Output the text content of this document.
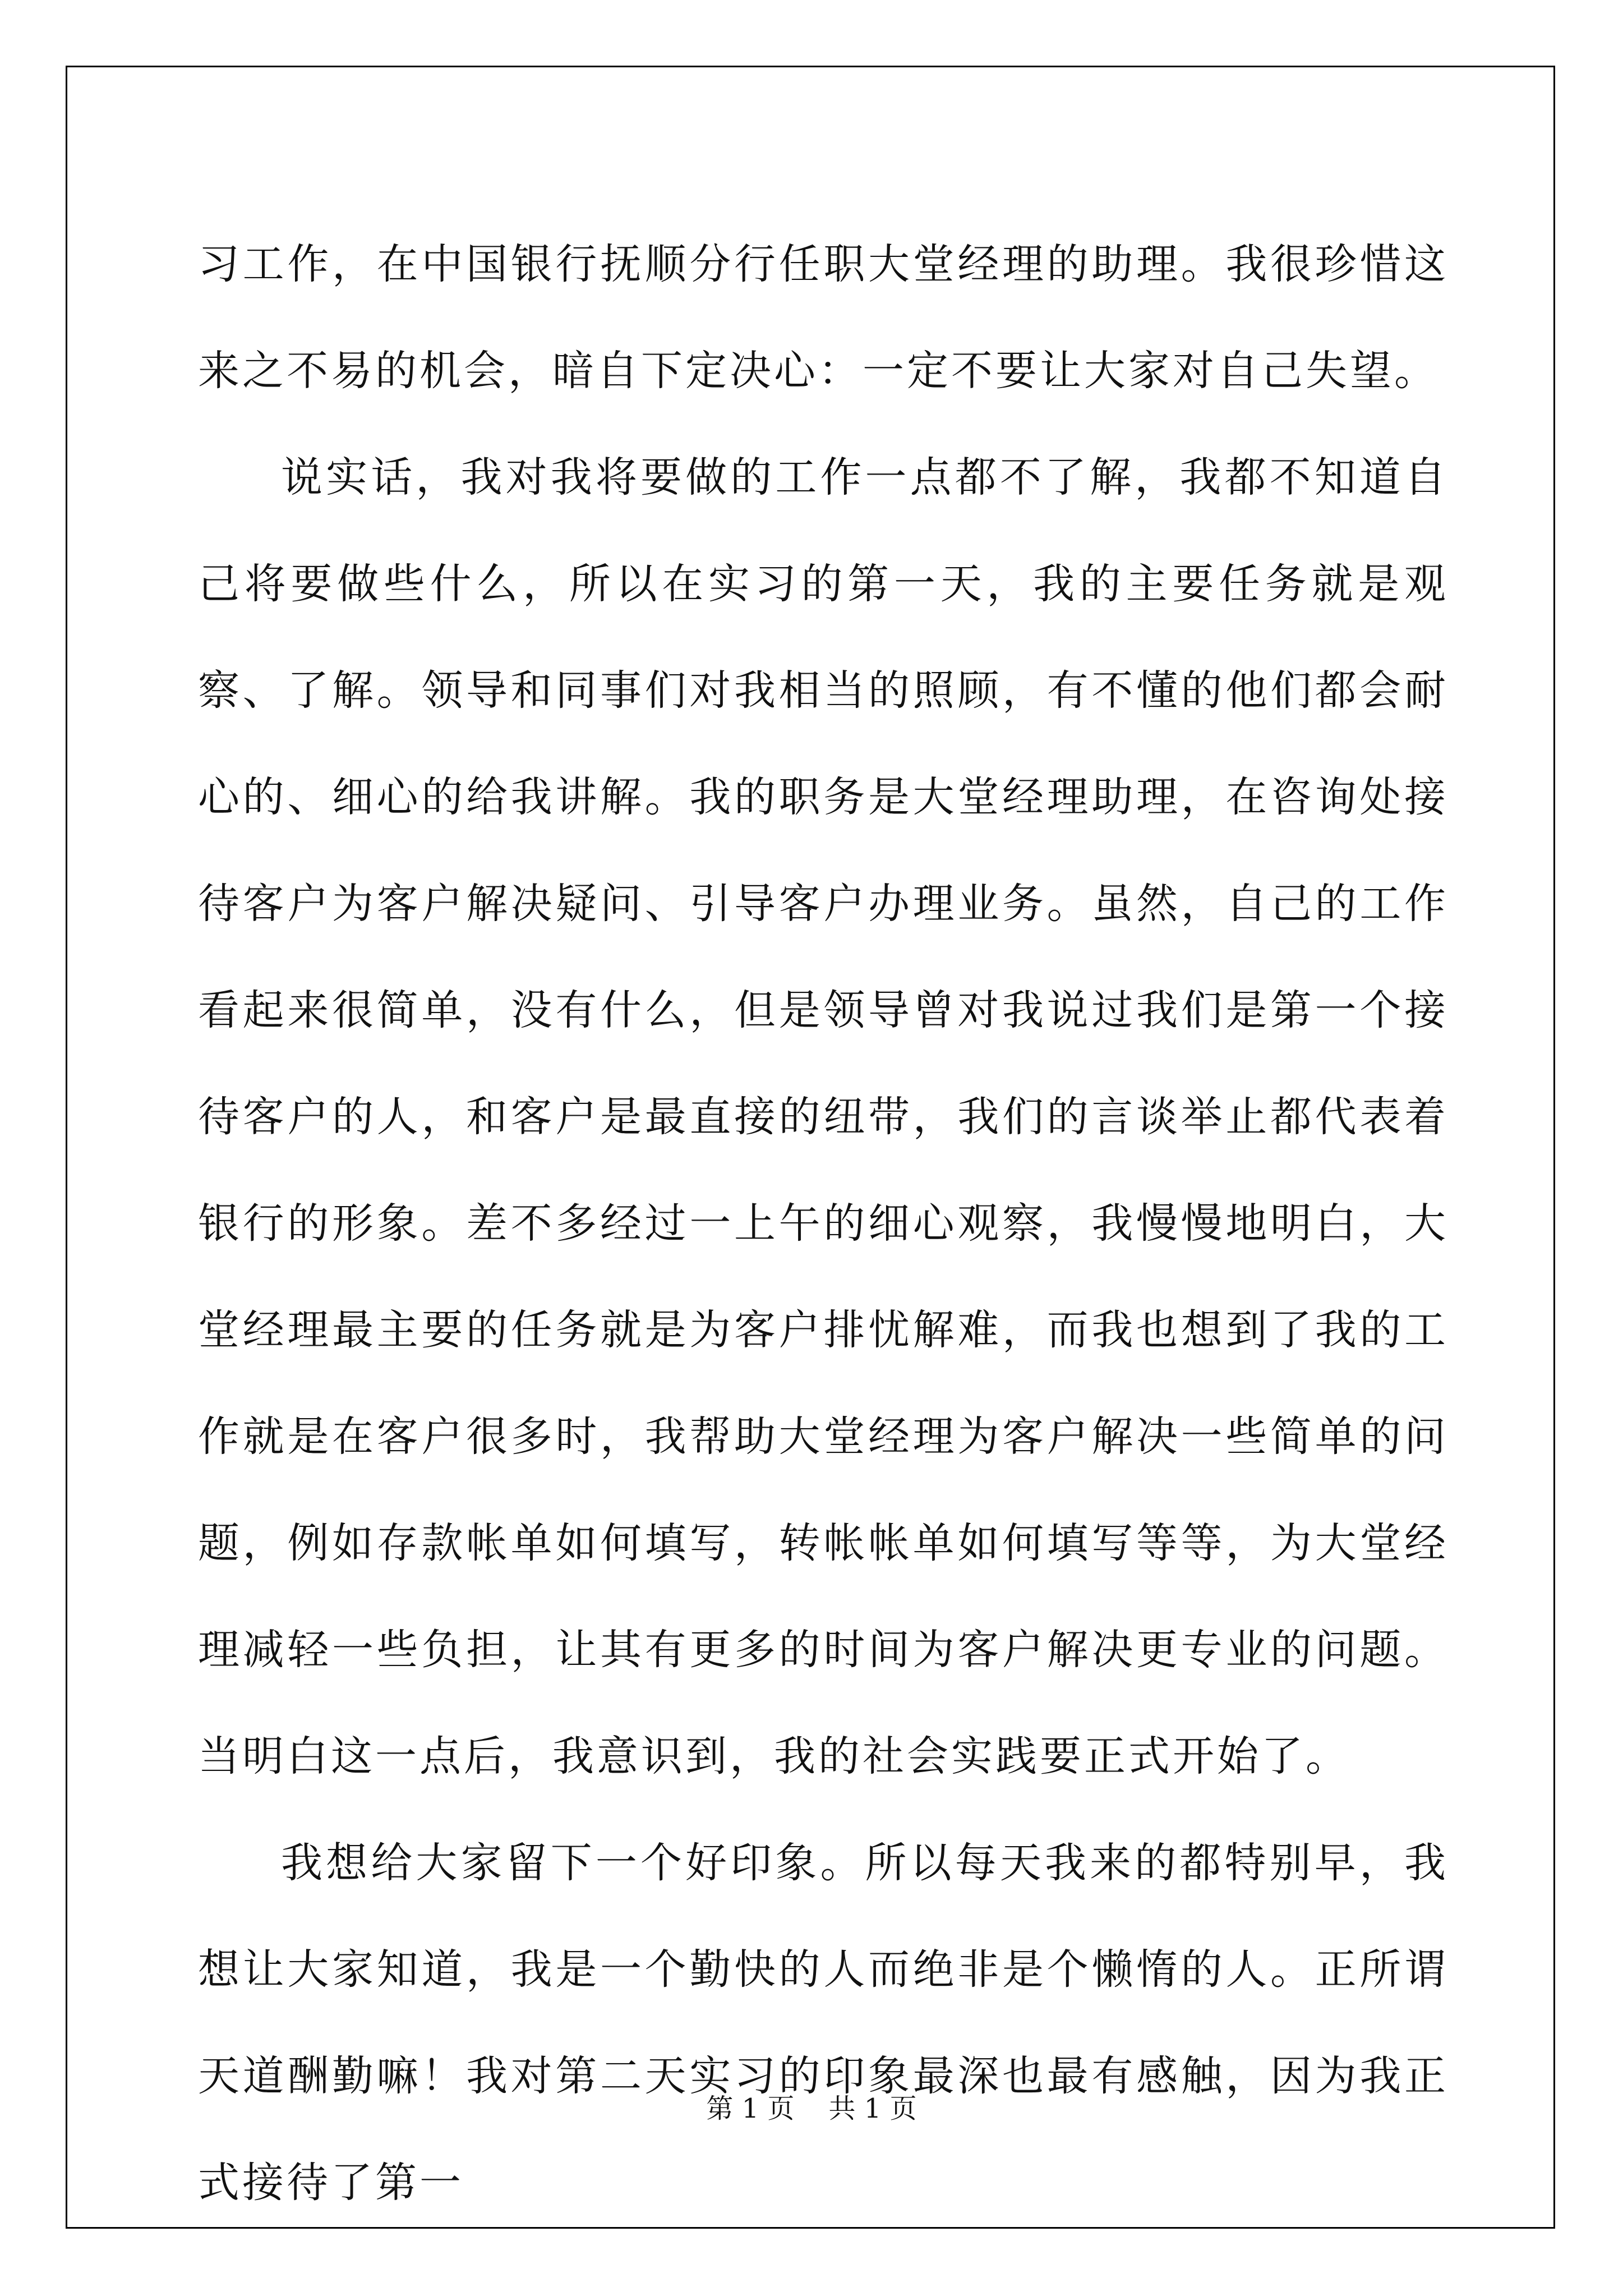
习工作，在中国银行抚顺分行任职大堂经理的助理。我很珍惜这来之不易的机会，暗自下定决心：一定不要让大家对自己失望。

说实话，我对我将要做的工作一点都不了解，我都不知道自己将要做些什么，所以在实习的第一天，我的主要任务就是观察、了解。领导和同事们对我相当的照顾，有不懂的他们都会耐心的、细心的给我讲解。我的职务是大堂经理助理，在咨询处接待客户为客户解决疑问、引导客户办理业务。虽然，自己的工作看起来很简单，没有什么，但是领导曾对我说过我们是第一个接待客户的人，和客户是最直接的纽带，我们的言谈举止都代表着银行的形象。差不多经过一上午的细心观察，我慢慢地明白，大堂经理最主要的任务就是为客户排忧解难，而我也想到了我的工作就是在客户很多时，我帮助大堂经理为客户解决一些简单的问题，例如存款帐单如何填写，转帐帐单如何填写等等，为大堂经理减轻一些负担，让其有更多的时间为客户解决更专业的问题。当明白这一点后，我意识到，我的社会实践要正式开始了。

我想给大家留下一个好印象。所以每天我来的都特别早，我想让大家知道，我是一个勤快的人而绝非是个懒惰的人。正所谓天道酬勤嘛！我对第二天实习的印象最深也最有感触，因为我正式接待了第一

第 1 页    共 1 页
